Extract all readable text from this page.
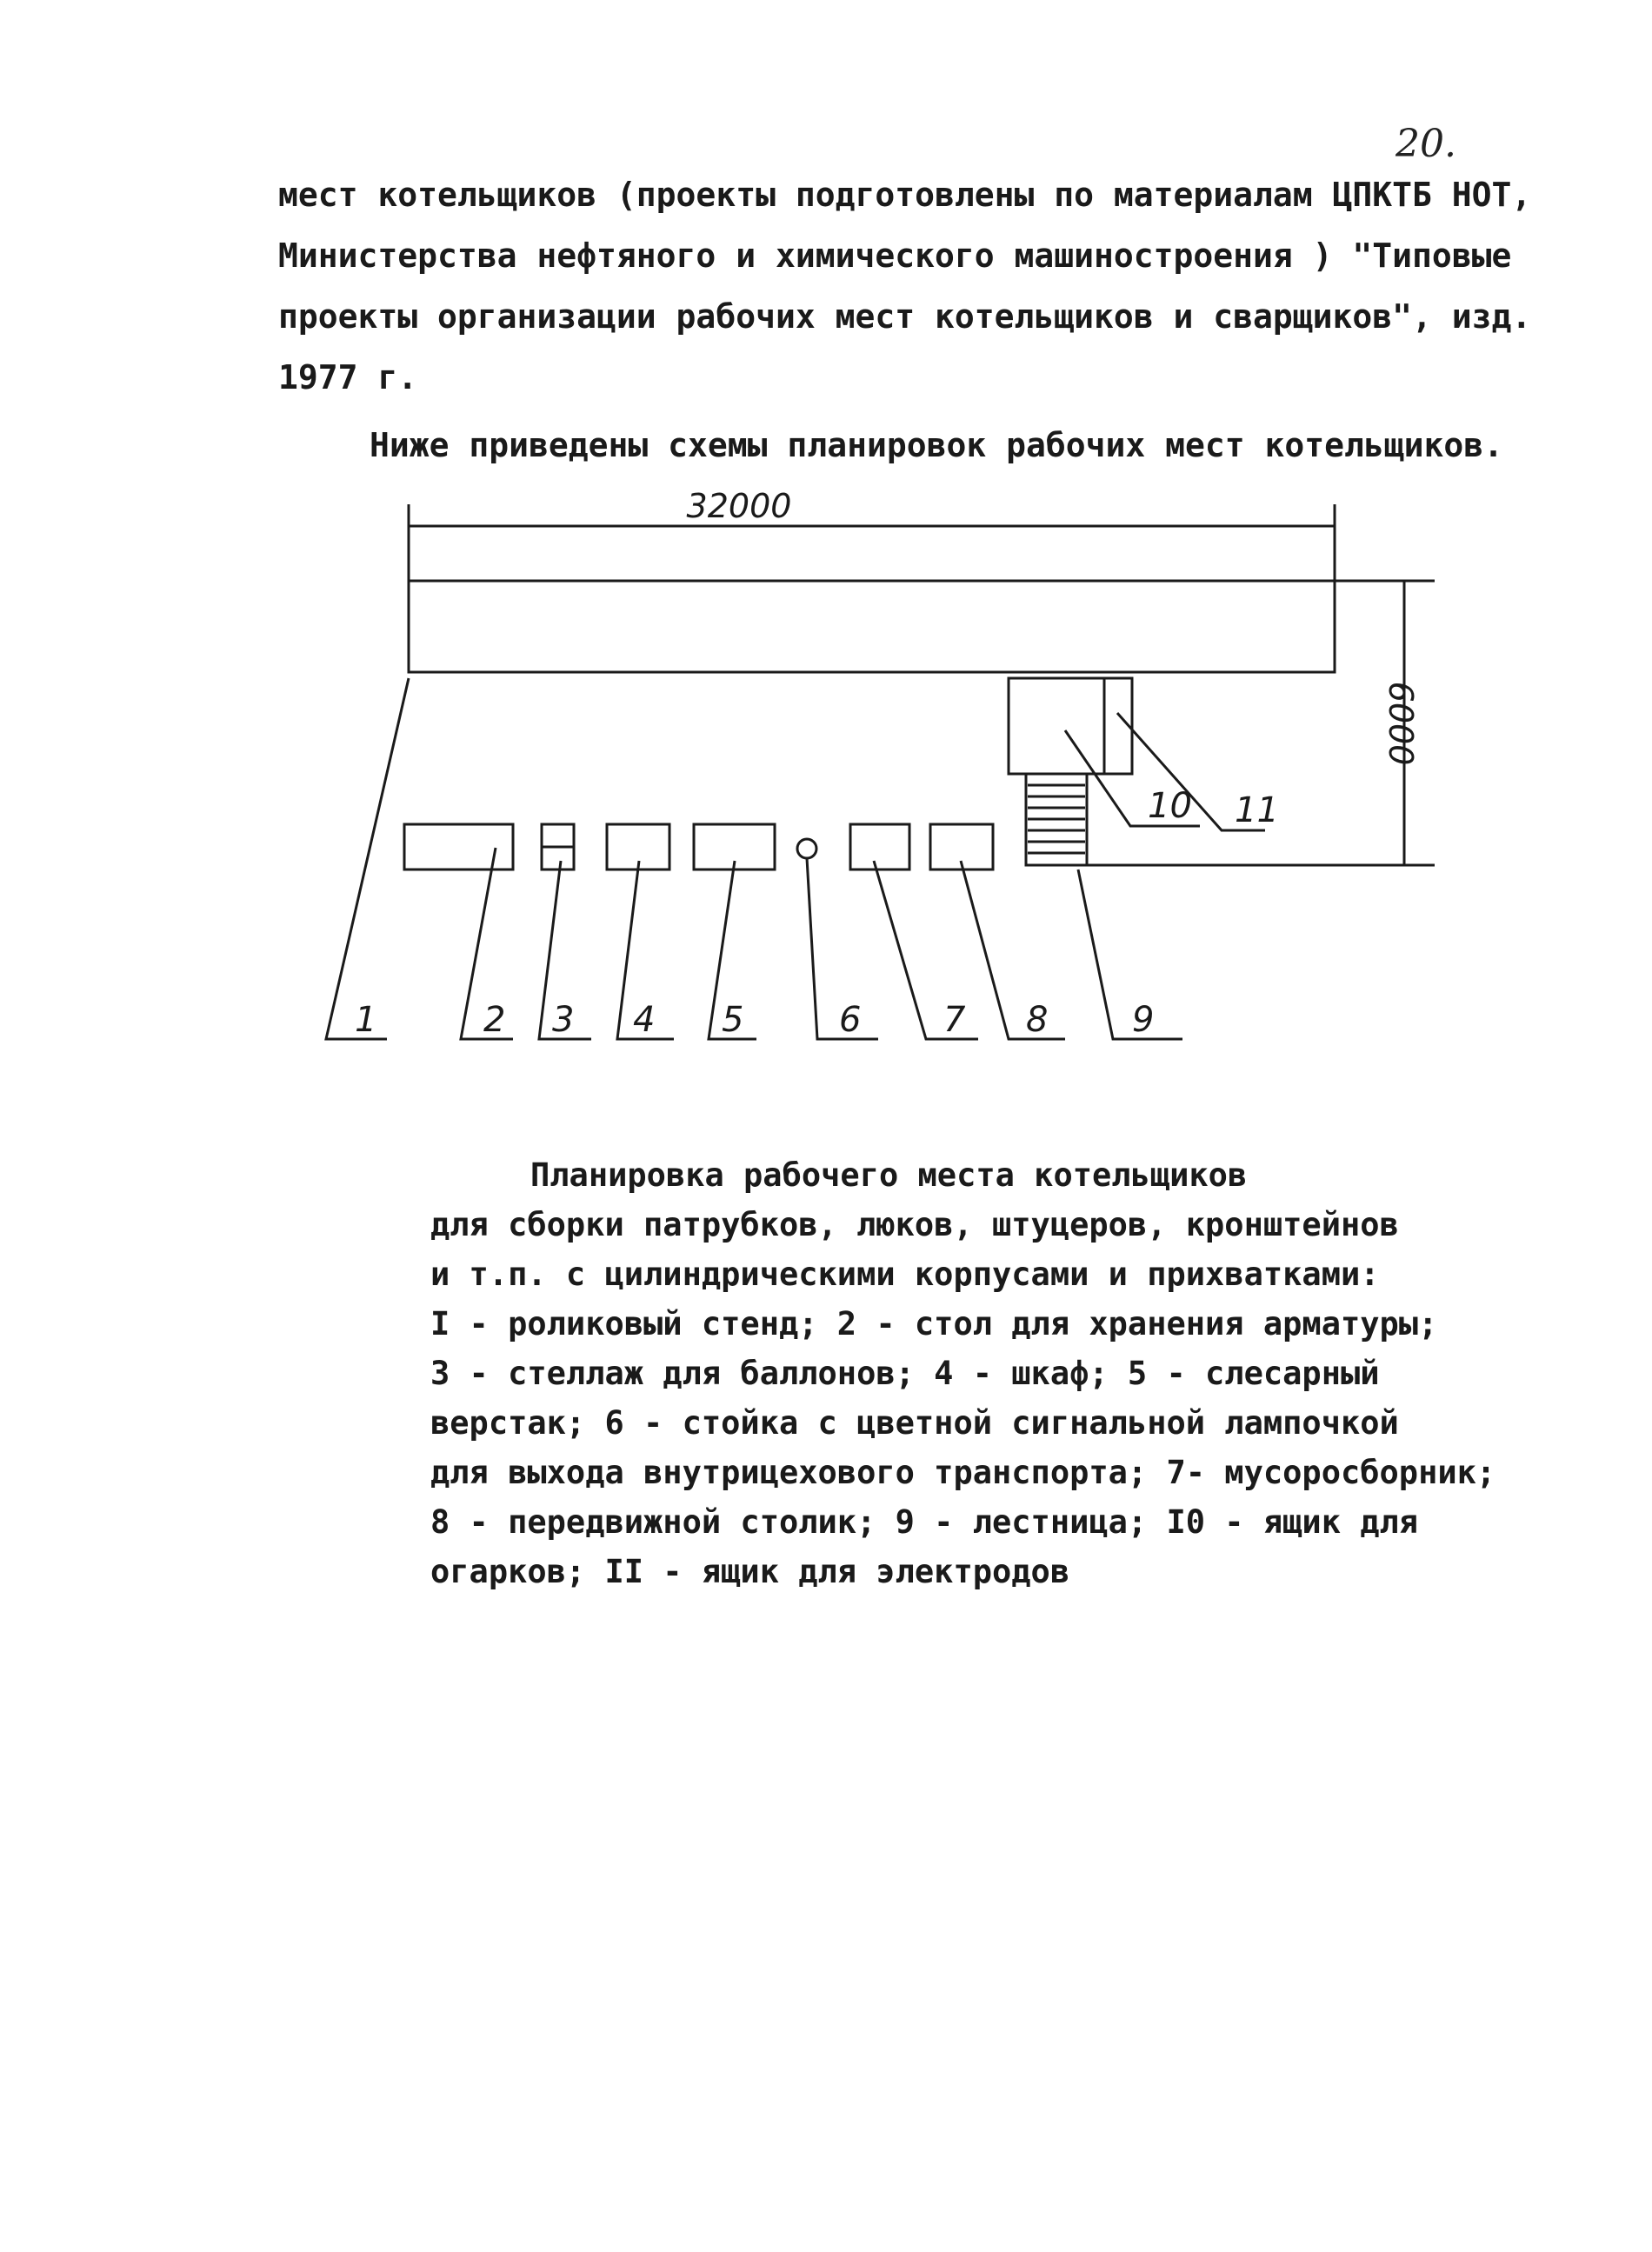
20.
мест котельщиков (проекты подготовлены по материалам ЦПКТБ НОТ,
Министерства нефтяного и химического машиностроения ) "Типовые
проекты организации рабочих мест котельщиков и сварщиков", изд.
1977 г.
Ниже приведены схемы планировок рабочих мест котельщиков.
32000
6000
1	2 3 4 5	6 7 8 9
10 11
Планировка рабочего места котельщиков
для сборки патрубков, люков, штуцеров, кронштейнов
и т.п. с цилиндрическими корпусами и прихватками:
I - роликовый стенд; 2 - стол для хранения арматуры;
3 - стеллаж для баллонов; 4 - шкаф; 5 - слесарный
верстак; 6 - стойка с цветной сигнальной лампочкой
для выхода внутрицехового транспорта; 7- мусоросборник;
8 - передвижной столик; 9 - лестница; I0 - ящик для
огарков; II - ящик для электродов
